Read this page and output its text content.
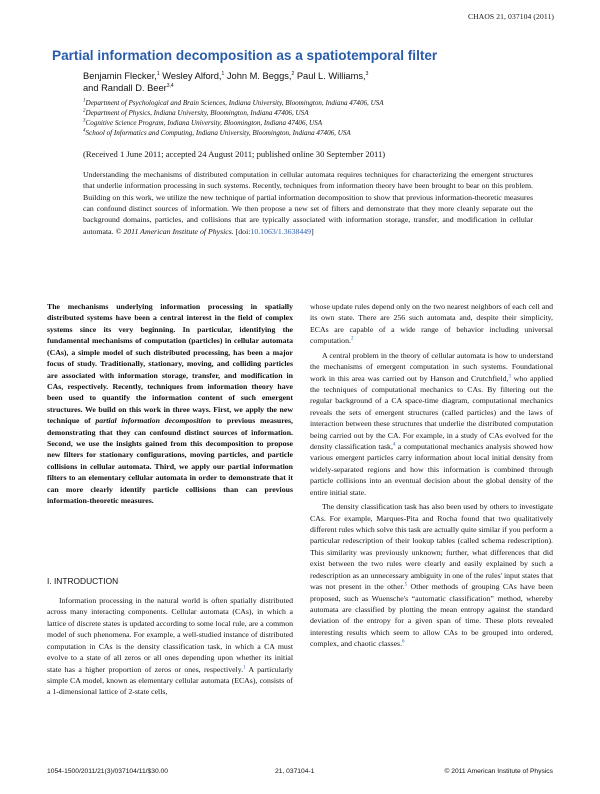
CHAOS 21, 037104 (2011)
Partial information decomposition as a spatiotemporal filter
Benjamin Flecker,$^1$ Wesley Alford,$^1$ John M. Beggs,$^2$ Paul L. Williams,$^3$
and Randall D. Beer$^{3,4}$
$^1$Department of Psychological and Brain Sciences, Indiana University, Bloomington, Indiana 47406, USA
$^2$Department of Physics, Indiana University, Bloomington, Indiana 47406, USA
$^3$Cognitive Science Program, Indiana University, Bloomington, Indiana 47406, USA
$^4$School of Informatics and Computing, Indiana University, Bloomington, Indiana 47406, USA
(Received 1 June 2011; accepted 24 August 2011; published online 30 September 2011)
Understanding the mechanisms of distributed computation in cellular automata requires techniques for characterizing the emergent structures that underlie information processing in such systems. Recently, techniques from information theory have been brought to bear on this problem. Building on this work, we utilize the new technique of partial information decomposition to show that previous information-theoretic measures can confound distinct sources of information. We then propose a new set of filters and demonstrate that they more cleanly separate out the background domains, particles, and collisions that are typically associated with information storage, transfer, and modification in cellular automata. © 2011 American Institute of Physics. [doi:10.1063/1.3638449]
The mechanisms underlying information processing in spatially distributed systems have been a central interest in the field of complex systems since its very beginning. In particular, identifying the fundamental mechanisms of computation (particles) in cellular automata (CAs), a simple model of such distributed processing, has been a major focus of study. Traditionally, stationary, moving, and colliding particles are associated with information storage, transfer, and modification in CAs, respectively. Recently, techniques from information theory have been used to quantify the information content of such emergent structures. We build on this work in three ways. First, we apply the new technique of partial information decomposition to previous measures, demonstrating that they can confound distinct sources of information. Second, we use the insights gained from this decomposition to propose new filters for stationary configurations, moving particles, and particle collisions in cellular automata. Third, we apply our partial information filters to an elementary cellular automata in order to demonstrate that it can more clearly identify particle collisions than can previous information-theoretic measures.
I. INTRODUCTION

Information processing in the natural world is often spatially distributed across many interacting components. Cellular automata (CAs), in which a lattice of discrete states is updated according to some local rule, are a common model of such phenomena. For example, a well-studied instance of distributed computation in CAs is the density classification task, in which a CA must evolve to a state of all zeros or all ones depending upon whether its initial state has a higher proportion of zeros or ones, respectively.$^1$ A particularly simple CA model, known as elementary cellular automata (ECAs), consists of a 1-dimensional lattice of 2-state cells,

whose update rules depend only on the two nearest neighbors of each cell and its own state. There are 256 such automata and, despite their simplicity, ECAs are capable of a wide range of behavior including universal computation.$^2$

A central problem in the theory of cellular automata is how to understand the mechanisms of emergent computation in such systems. Foundational work in this area was carried out by Hanson and Crutchfield,$^3$ who applied the techniques of computational mechanics to CAs. By filtering out the regular background of a CA space-time diagram, computational mechanics reveals the sets of emergent structures (called particles) and the laws of interaction between these structures that underlie the distributed computation being carried out by the CA. For example, in a study of CAs evolved for the density classification task,$^4$ a computational mechanics analysis showed how various emergent particles carry information about local initial density from widely-separated regions and how this information is combined through particle collisions into an eventual decision about the global density of the entire initial state.

The density classification task has also been used by others to investigate CAs. For example, Marques-Pita and Rocha found that two qualitatively different rules which solve this task are actually quite similar if you perform a particular redescription of their lookup tables (called schema redescription). This similarity was previously unknown; further, what differences that did exist between the two rules were clearly and easily explained by such a redescription as an unnecessary ambiguity in one of the rules' input states that was not present in the other.$^5$ Other methods of grouping CAs have been proposed, such as Wuensche's “automatic classification” method, whereby automata are classified by plotting the mean entropy against the standard deviation of the entropy for a given span of time. These plots revealed interesting results which seem to allow CAs to be grouped into ordered, complex, and chaotic classes.$^6$

1054-1500/2011/21(3)/037104/11/$30.00	21, 037104-1	© 2011 American Institute of Physics
